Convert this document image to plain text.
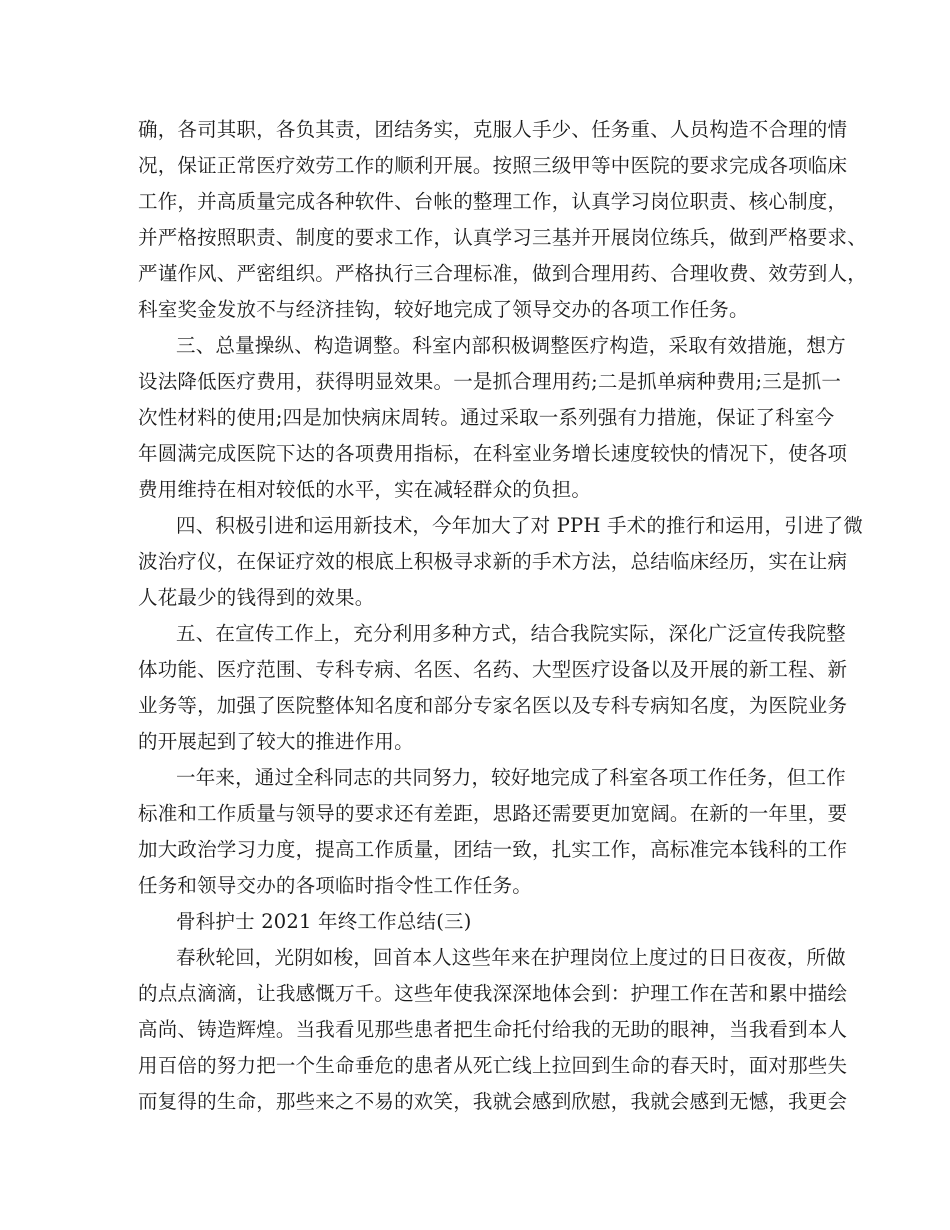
确，各司其职，各负其责，团结务实，克服人手少、任务重、人员构造不合理的情
况，保证正常医疗效劳工作的顺利开展。按照三级甲等中医院的要求完成各项临床
工作，并高质量完成各种软件、台帐的整理工作，认真学习岗位职责、核心制度，
并严格按照职责、制度的要求工作，认真学习三基并开展岗位练兵，做到严格要求、
严谨作风、严密组织。严格执行三合理标准，做到合理用药、合理收费、效劳到人，
科室奖金发放不与经济挂钩，较好地完成了领导交办的各项工作任务。
三、总量操纵、构造调整。科室内部积极调整医疗构造，采取有效措施，想方
设法降低医疗费用，获得明显效果。一是抓合理用药;二是抓单病种费用;三是抓一
次性材料的使用;四是加快病床周转。通过采取一系列强有力措施，保证了科室今
年圆满完成医院下达的各项费用指标，在科室业务增长速度较快的情况下，使各项
费用维持在相对较低的水平，实在减轻群众的负担。
四、积极引进和运用新技术，今年加大了对 PPH 手术的推行和运用，引进了微
波治疗仪，在保证疗效的根底上积极寻求新的手术方法，总结临床经历，实在让病
人花最少的钱得到的效果。
五、在宣传工作上，充分利用多种方式，结合我院实际，深化广泛宣传我院整
体功能、医疗范围、专科专病、名医、名药、大型医疗设备以及开展的新工程、新
业务等，加强了医院整体知名度和部分专家名医以及专科专病知名度，为医院业务
的开展起到了较大的推进作用。
一年来，通过全科同志的共同努力，较好地完成了科室各项工作任务，但工作
标准和工作质量与领导的要求还有差距，思路还需要更加宽阔。在新的一年里，要
加大政治学习力度，提高工作质量，团结一致，扎实工作，高标准完本钱科的工作
任务和领导交办的各项临时指令性工作任务。
骨科护士 2021 年终工作总结(三)
春秋轮回，光阴如梭，回首本人这些年来在护理岗位上度过的日日夜夜，所做
的点点滴滴，让我感慨万千。这些年使我深深地体会到：护理工作在苦和累中描绘
高尚、铸造辉煌。当我看见那些患者把生命托付给我的无助的眼神，当我看到本人
用百倍的努力把一个生命垂危的患者从死亡线上拉回到生命的春天时，面对那些失
而复得的生命，那些来之不易的欢笑，我就会感到欣慰，我就会感到无憾，我更会
